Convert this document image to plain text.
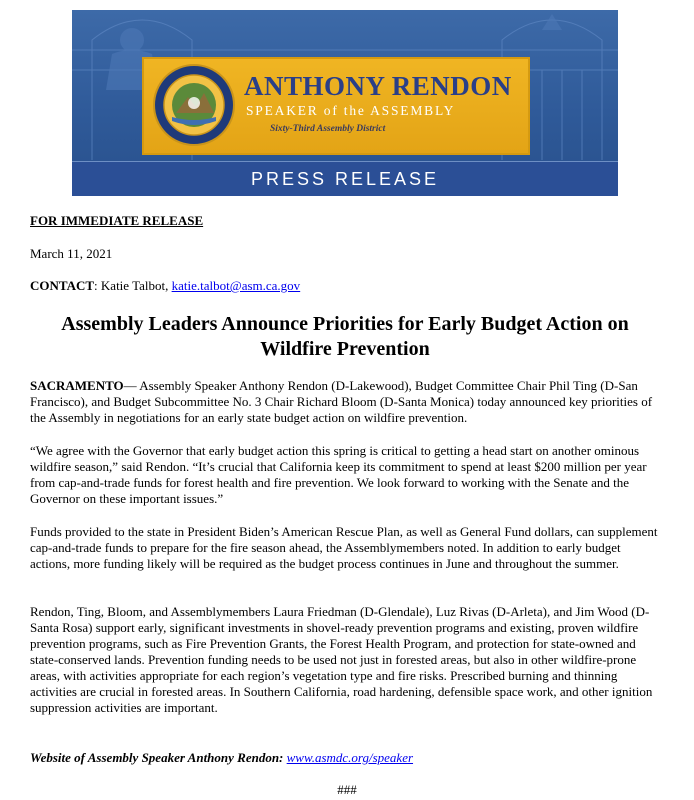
ANTHONY RENDON
SPEAKER of the ASSEMBLY
Sixty-Third Assembly District
PRESS RELEASE

FOR IMMEDIATE RELEASE

March 11, 2021

CONTACT: Katie Talbot, katie.talbot@asm.ca.gov

Assembly Leaders Announce Priorities for Early Budget Action on Wildfire Prevention

SACRAMENTO— Assembly Speaker Anthony Rendon (D-Lakewood), Budget Committee Chair Phil Ting (D-San Francisco), and Budget Subcommittee No. 3 Chair Richard Bloom (D-Santa Monica) today announced key priorities of the Assembly in negotiations for an early state budget action on wildfire prevention.

“We agree with the Governor that early budget action this spring is critical to getting a head start on another ominous wildfire season,” said Rendon. “It’s crucial that California keep its commitment to spend at least $200 million per year from cap-and-trade funds for forest health and fire prevention. We look forward to working with the Senate and the Governor on these important issues.”

Funds provided to the state in President Biden’s American Rescue Plan, as well as General Fund dollars, can supplement cap-and-trade funds to prepare for the fire season ahead, the Assemblymembers noted. In addition to early budget actions, more funding likely will be required as the budget process continues in June and throughout the summer.

Rendon, Ting, Bloom, and Assemblymembers Laura Friedman (D-Glendale), Luz Rivas (D-Arleta), and Jim Wood (D-Santa Rosa) support early, significant investments in shovel-ready prevention programs and existing, proven wildfire prevention programs, such as Fire Prevention Grants, the Forest Health Program, and protection for state-owned and state-conserved lands. Prevention funding needs to be used not just in forested areas, but also in other wildfire-prone areas, with activities appropriate for each region’s vegetation type and fire risks. Prescribed burning and thinning activities are crucial in forested areas. In Southern California, road hardening, defensible space work, and other ignition suppression activities are important.

Website of Assembly Speaker Anthony Rendon: www.asmdc.org/speaker

###
